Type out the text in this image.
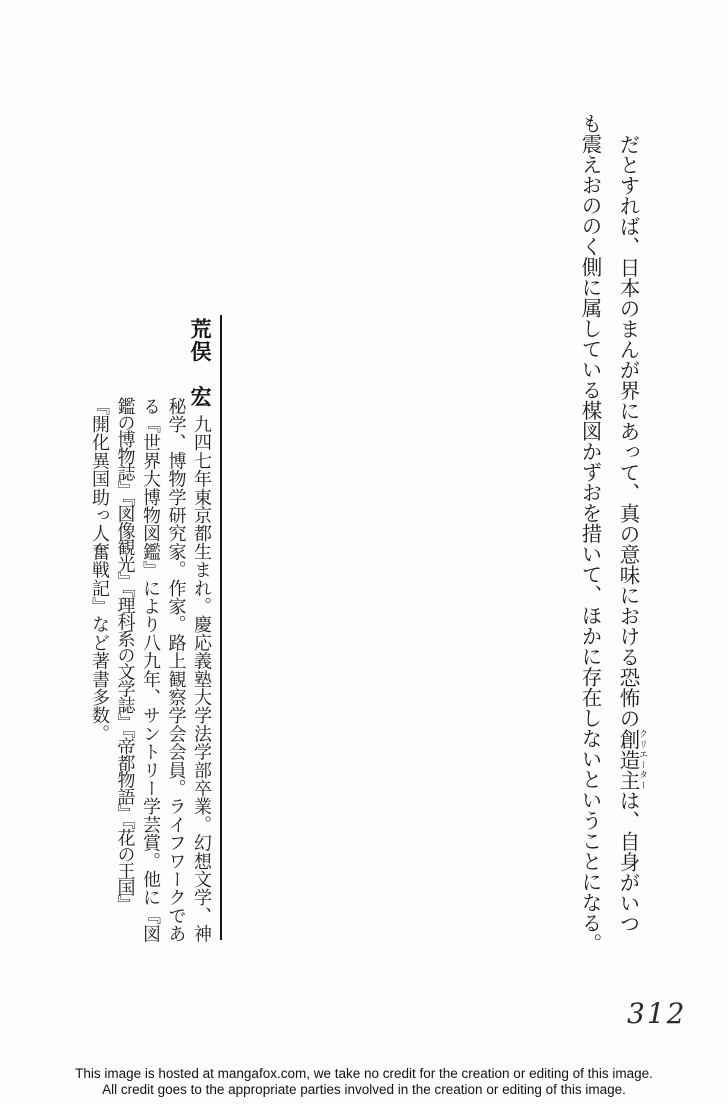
だとすれば、日本のまんが界にあって、真の意味における恐怖の創造主 クリエーターは、自身がいつ

も震えおののく側に属している楳図かずおを措いて、ほかに存在しないということになる。

荒俣　宏

一九四七年東京都生まれ。慶応義塾大学法学部卒業。幻想文学、神

秘学、博物学研究家。作家。路上観察学会会員。ライフワークであ

る『世界大博物図鑑』により八九年、サントリー学芸賞。他に『図

鑑の博物誌』『図像観光』『理科系の文学誌』『帝都物語』『花の王国』

『開化異国助っ人奮戦記』など著書多数。

312
This image is hosted at mangafox.com, we take no credit for the creation or editing of this image.
All credit goes to the appropriate parties involved in the creation or editing of this image.
